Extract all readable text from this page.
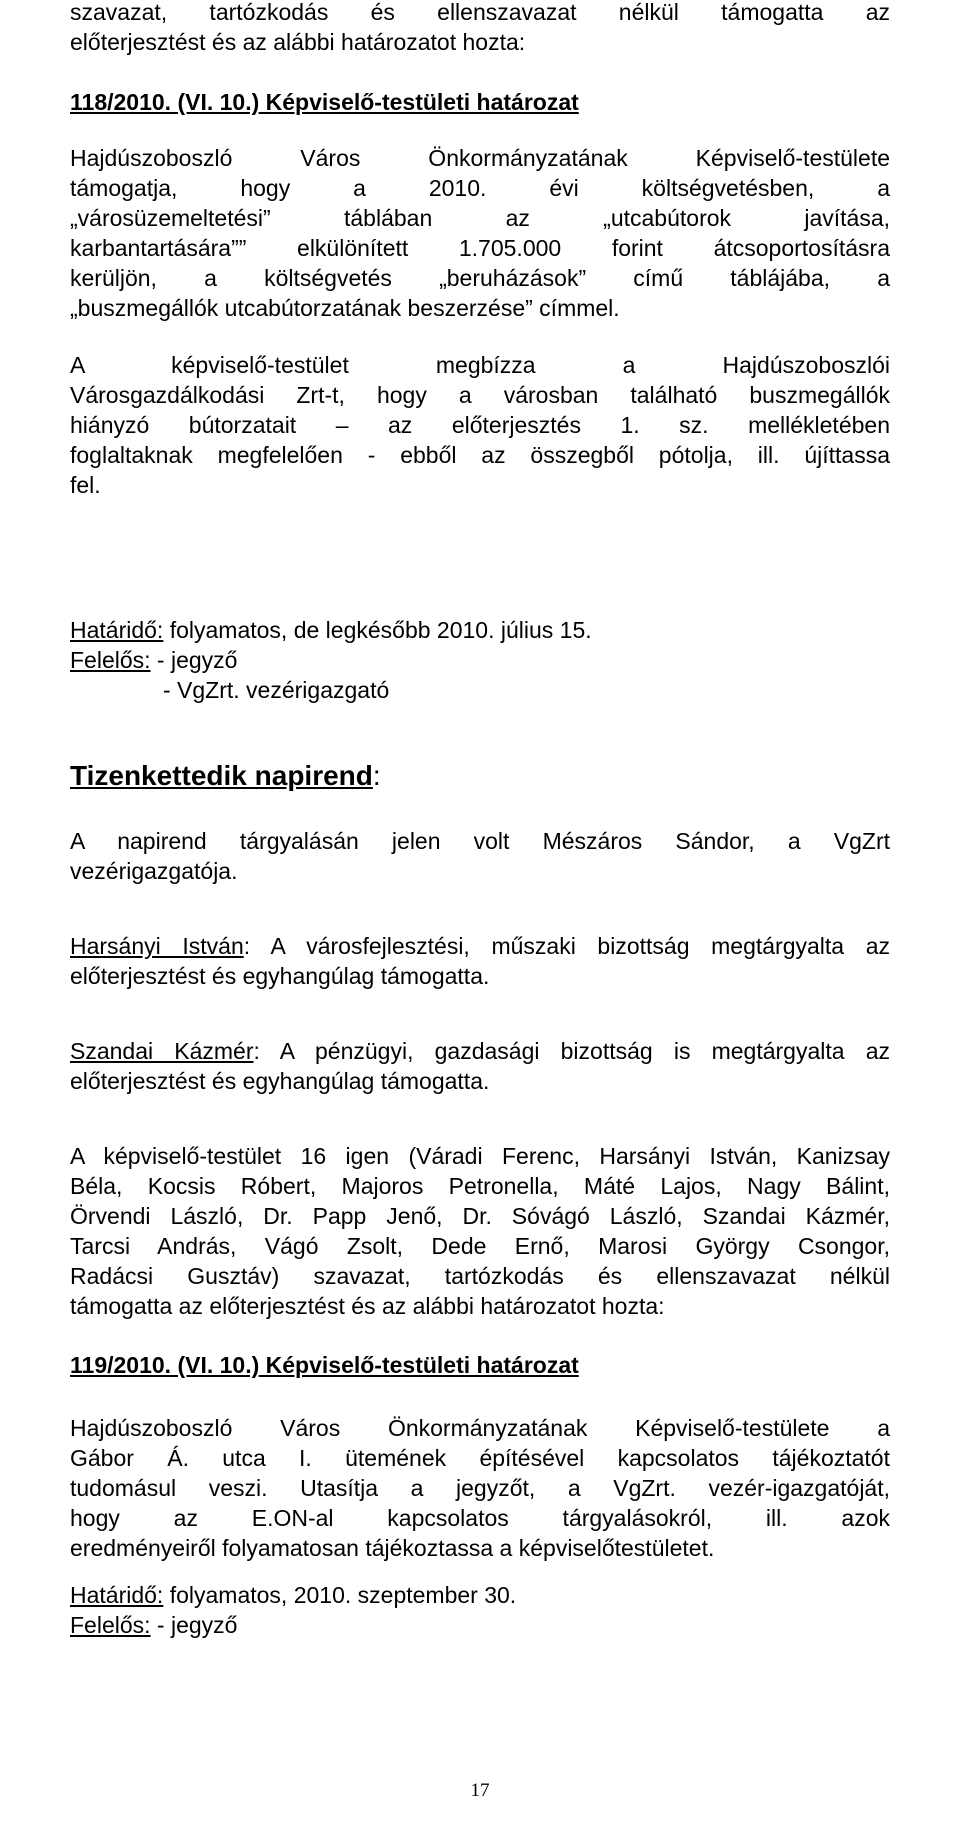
szavazat, tartózkodás és ellenszavazat nélkül támogatta az

előterjesztést és az alábbi határozatot hozta:

118/2010. (VI. 10.) Képviselő-testületi határozat

Hajdúszoboszló Város Önkormányzatának Képviselő-testülete

támogatja, hogy a 2010. évi költségvetésben, a

„városüzemeltetési” táblában az „utcabútorok javítása,

karbantartására”” elkülönített 1.705.000 forint átcsoportosításra

kerüljön, a költségvetés „beruházások” című táblájába, a

„buszmegállók utcabútorzatának beszerzése” címmel.

A képviselő-testület megbízza a Hajdúszoboszlói

Városgazdálkodási Zrt-t, hogy a városban található buszmegállók

hiányzó bútorzatait – az előterjesztés 1. sz. mellékletében

foglaltaknak megfelelően - ebből az összegből pótolja, ill. újíttassa

fel.

Határidő: folyamatos, de legkésőbb 2010. július 15.

Felelős: - jegyző

- VgZrt. vezérigazgató

Tizenkettedik napirend:

A napirend tárgyalásán jelen volt Mészáros Sándor, a VgZrt

vezérigazgatója.

Harsányi István: A városfejlesztési, műszaki bizottság megtárgyalta az

előterjesztést és egyhangúlag támogatta.

Szandai Kázmér: A pénzügyi, gazdasági bizottság is megtárgyalta az

előterjesztést és egyhangúlag támogatta.

A képviselő-testület 16 igen (Váradi Ferenc, Harsányi István, Kanizsay

Béla, Kocsis Róbert, Majoros Petronella, Máté Lajos, Nagy Bálint,

Örvendi László, Dr. Papp Jenő, Dr. Sóvágó László, Szandai Kázmér,

Tarcsi András, Vágó Zsolt, Dede Ernő, Marosi György Csongor,

Radácsi Gusztáv) szavazat, tartózkodás és ellenszavazat nélkül

támogatta az előterjesztést és az alábbi határozatot hozta:

119/2010. (VI. 10.) Képviselő-testületi határozat

Hajdúszoboszló Város Önkormányzatának Képviselő-testülete a

Gábor Á. utca I. ütemének építésével kapcsolatos tájékoztatót

tudomásul veszi. Utasítja a jegyzőt, a VgZrt. vezér-igazgatóját,

hogy az E.ON-al kapcsolatos tárgyalásokról, ill. azok

eredményeiről folyamatosan tájékoztassa a képviselőtestületet.

Határidő: folyamatos, 2010. szeptember 30.

Felelős: - jegyző

17
